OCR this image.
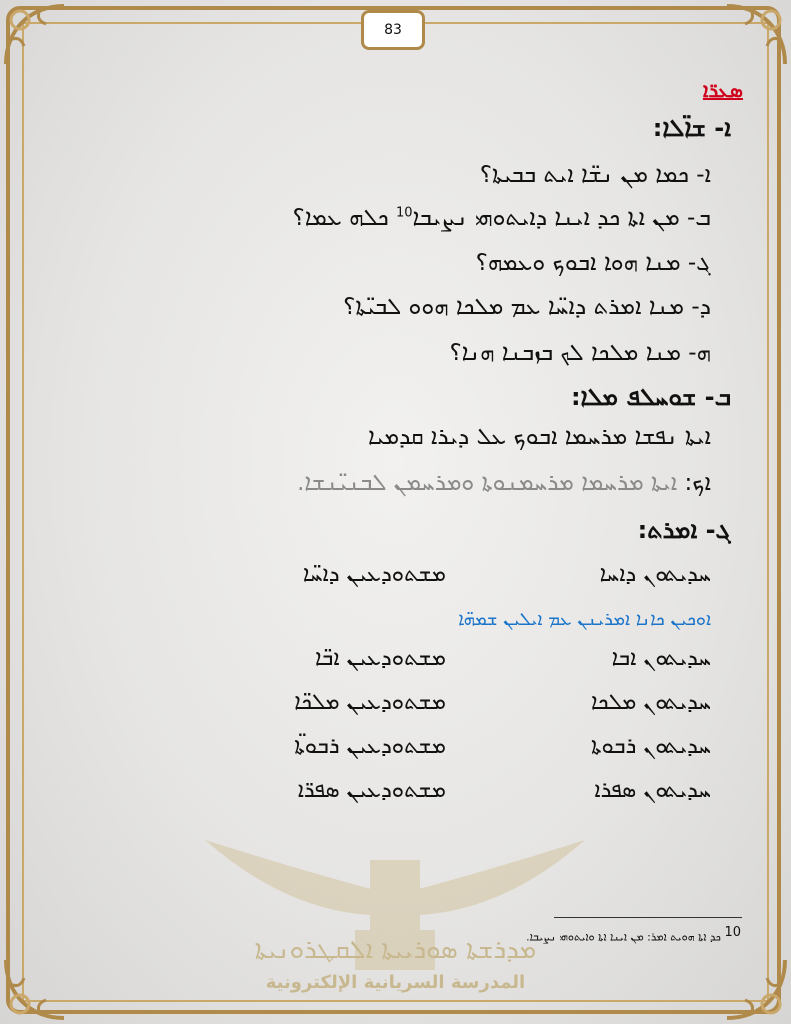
ܡܕܪܫܬܐ ܣܘܪܝܝܬܐ ܐܠܩܛܪܘܢܝܬܐ
المدرسة السريانية الإلكترونية
83
ܣܥܪ̈ܐ
ܐ- ܫܐ̈ܠܐ:
ܐ- ܟܡܐ ܡܢ ܢܫ̈ܐ ܐܝܬ ܒܒܝܬܐ؟
ܒ- ܡܢ ܐܬܐ ܟܕ ܐܝܢܐ ܕܐܝܬܘܗܝ ܢܨܝܒܐ$^{10}$ ܟܠܗ ܥܡܐ؟
ܓ- ܡܢܐ ܗܘܐ ܐܒܘܟ ܘܥܡܗ؟
ܕ- ܡܢܐ ܐܡܪܬ ܕܐܚ̈ܐ ܥܡ ܡܠܟܐ ܗܘܘ ܠܒܝ̈ܬܐ؟
ܗ- ܡܢܐ ܡܠܟܐ ܠܟ ܒܙܒܢܐ ܗܢܐ؟
ܒ- ܫܘܚܠܦ ܡܠܐ:
ܐܝܬܐ ܢܦܫܐ ܡܪܚܡܐ ܐܒܘܟ ܥܠ ܕܝܪܐ ܩܕܡܝܐ
ܐܟ: ܐܝܬܐ ܡܪܚܡܐ ܡܪܚܡܢܘܬܐ ܘܡܪܚܡܢ ܠܒܢܝ̈ܢܫܐ.
ܓ- ܐܡܪܬ:
ܚܕܝܬܘܢ ܕܐܚܐ
ܡܫܬܘܕܥܝܢ ܕܐܚ̈ܐ
ܐܘܟܝܢ ܟܐܢܐ ܐܡܪܝܢܢ ܥܡ ܐܝܠܝܢ ܫܡܗ̈ܐ
ܚܕܝܬܘܢ ܐܒܐ
ܡܫܬܘܕܥܝܢ ܐܒ̈ܐ
ܚܕܝܬܘܢ ܡܠܟܐ
ܡܫܬܘܕܥܝܢ ܡܠܟ̈ܐ
ܚܕܝܬܘܢ ܪܒܘܬܐ
ܡܫܬܘܕܥܝܢ ܪܒܘܬ̈ܐ
ܚܕܝܬܘܢ ܣܦܪܐ
ܡܫܬܘܕܥܝܢ ܣܦܪ̈ܐ
10 ܟܕ ܐܬܐ ܗܘܝܬ ܐܡܪ: ܡܢ ܐܝܢܐ ܐܬܐ ܘܐܝܬܘܗܝ ܢܨܝܒܐ.
